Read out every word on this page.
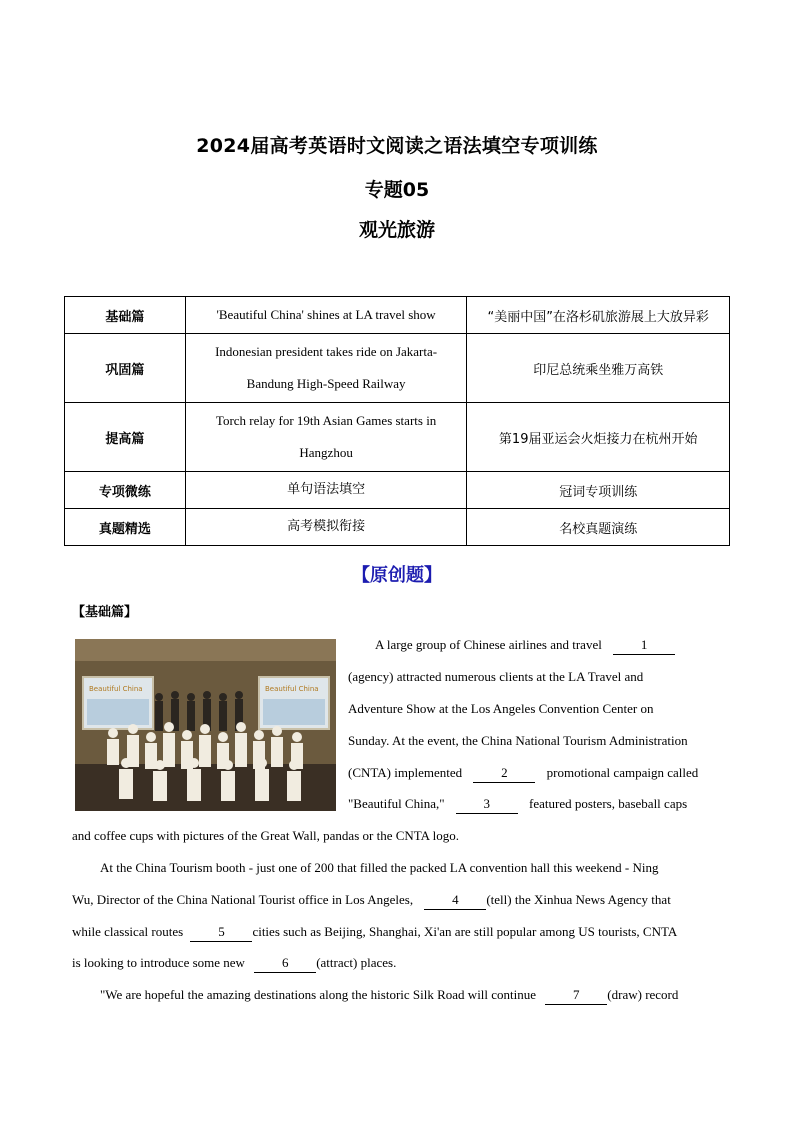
2024届高考英语时文阅读之语法填空专项训练
专题05
观光旅游
基础篇	'Beautiful China' shines at LA travel show	“美丽中国”在洛杉矶旅游展上大放异彩
巩固篇	Indonesian president takes ride on Jakarta-Bandung High-Speed Railway	印尼总统乘坐雅万高铁
提高篇	Torch relay for 19th Asian Games starts in Hangzhou	第19届亚运会火炬接力在杭州开始
专项微练	单句语法填空	冠词专项训练
真题精选	高考模拟衔接	名校真题演练
【原创题】
【基础篇】
Beautiful China	Beautiful China
A large group of Chinese airlines and travel	1
(agency) attracted numerous clients at the LA Travel and
Adventure Show at the Los Angeles Convention Center on
Sunday. At the event, the China National Tourism Administration
(CNTA) implemented	2	promotional campaign called
"Beautiful China,"	3	featured posters, baseball caps
and coffee cups with pictures of the Great Wall, pandas or the CNTA logo.
At the China Tourism booth - just one of 200 that filled the packed LA convention hall this weekend - Ning
Wu, Director of the China National Tourist office in Los Angeles,	4 (tell) the Xinhua News Agency that
while classical routes	5 cities such as Beijing, Shanghai, Xi'an are still popular among US tourists, CNTA
is looking to introduce some new	6 (attract) places.
"We are hopeful the amazing destinations along the historic Silk Road will continue	7 (draw) record
